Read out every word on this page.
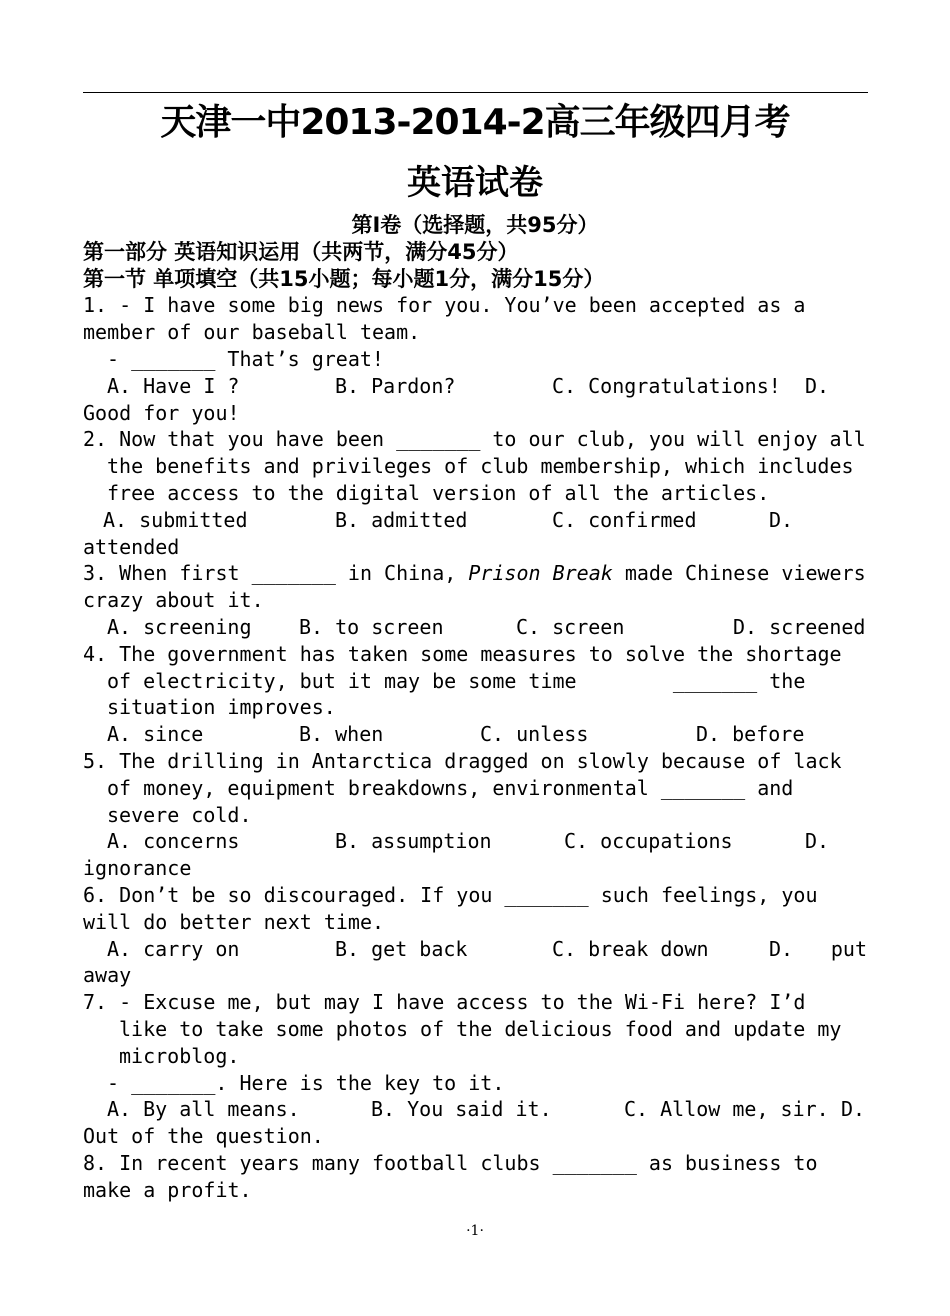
天津一中2013-2014-2高三年级四月考
英语试卷
第Ⅰ卷（选择题，共95分）
第一部分 英语知识运用（共两节，满分45分）
第一节 单项填空（共15小题；每小题1分，满分15分）
1. - I have some big news for you. You’ve been accepted as a
member of our baseball team.
- _______ That’s great!
A. Have I ?	B. Pardon?	C. Congratulations!	D.
Good for you!
2. Now that you have been _______ to our club, you will enjoy all
the benefits and privileges of club membership, which includes
free access to the digital version of all the articles.
A. submitted	B. admitted	C. confirmed	D.
attended
3. When first _______ in China, Prison Break made Chinese viewers
crazy about it.
A. screening	B. to screen	C. screen	D. screened
4. The government has taken some measures to solve the shortage
of electricity, but it may be some time        _______ the
situation improves.
A. since	B. when	C. unless	D. before
5. The drilling in Antarctica dragged on slowly because of lack
of money, equipment breakdowns, environmental _______ and
severe cold.
A. concerns	B. assumption	C. occupations	D.
ignorance
6. Don’t be so discouraged. If you _______ such feelings, you
will do better next time.
A. carry on	B. get back	C. break down	D.	put
away
7. - Excuse me, but may I have access to the Wi-Fi here? I’d
like to take some photos of the delicious food and update my
microblog.
- _______. Here is the key to it.
A. By all means.	B. You said it.	C. Allow me, sir. D.
Out of the question.
8. In recent years many football clubs _______ as business to
make a profit.
·1·
